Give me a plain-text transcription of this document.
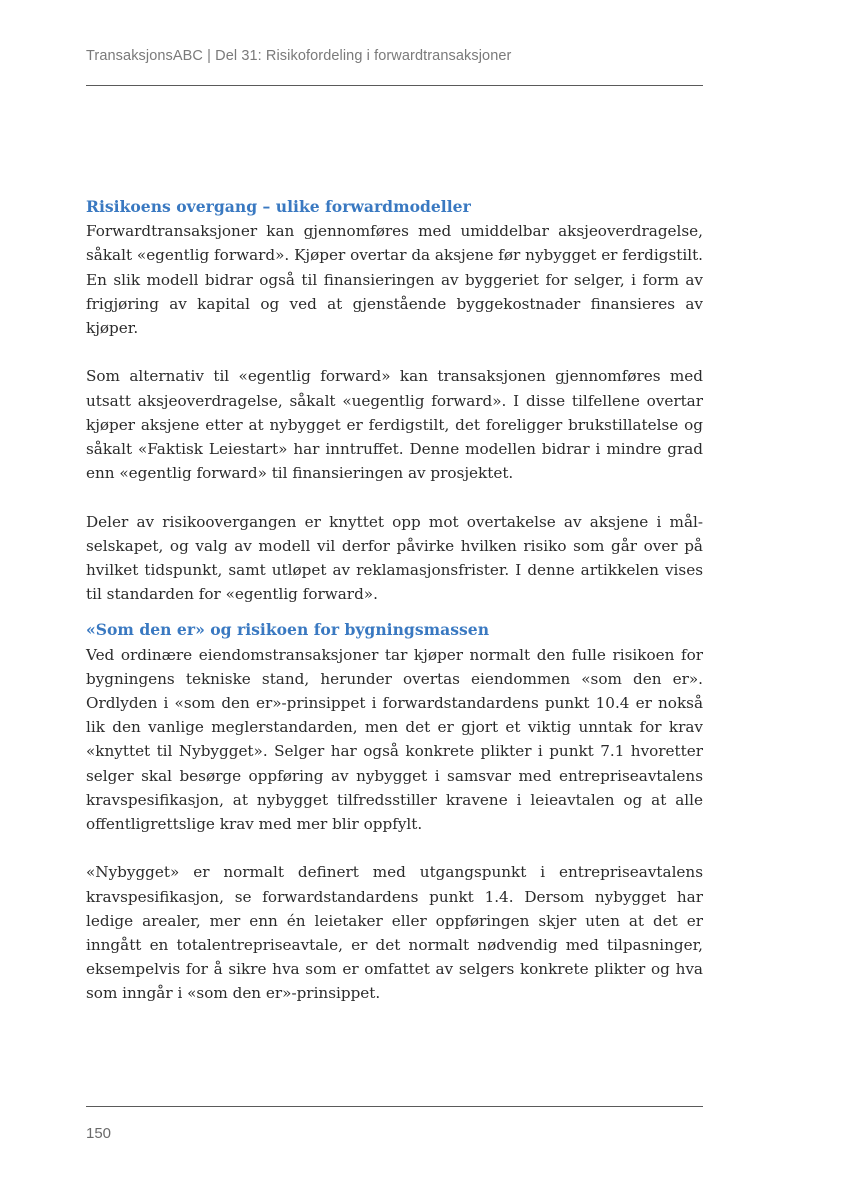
TransaksjonsABC | Del 31: Risikofordeling i forwardtransaksjoner
Risikoens overgang – ulike forwardmodeller

Forwardtransaksjoner kan gjennomføres med umiddelbar aksjeoverdragelse, såkalt «egentlig forward». Kjøper overtar da aksjene før nybygget er ferdigstilt. En slik modell bidrar også til finansieringen av byggeriet for selger, i form av frigjøring av kapital og ved at gjenstående byggekostnader finansieres av kjøper.

Som alternativ til «egentlig forward» kan transaksjonen gjennomføres med utsatt aksjeoverdragelse, såkalt «uegentlig forward». I disse tilfellene overtar kjøper aksjene etter at nybygget er ferdigstilt, det foreligger brukstillatelse og såkalt «Faktisk Leiestart» har inntruffet. Denne modellen bidrar i mindre grad enn «egentlig forward» til finansieringen av prosjektet.

Deler av risikoovergangen er knyttet opp mot overtakelse av aksjene i målselskapet, og valg av modell vil derfor påvirke hvilken risiko som går over på hvilket tidspunkt, samt utløpet av reklamasjonsfrister. I denne artikkelen vises til standarden for «egentlig forward».

«Som den er» og risikoen for bygningsmassen

Ved ordinære eiendomstransaksjoner tar kjøper normalt den fulle risikoen for bygningens tekniske stand, herunder overtas eiendommen «som den er». Ordlyden i «som den er»-prinsippet i forwardstandardens punkt 10.4 er nokså lik den vanlige meglerstandarden, men det er gjort et viktig unntak for krav «knyttet til Nybygget». Selger har også konkrete plikter i punkt 7.1 hvoretter selger skal besørge oppføring av nybygget i samsvar med entrepriseavtalens kravspesifikasjon, at nybygget tilfredsstiller kravene i leieavtalen og at alle offentligrettslige krav med mer blir oppfylt.

«Nybygget» er normalt definert med utgangspunkt i entrepriseavtalens kravspesifikasjon, se forwardstandardens punkt 1.4. Dersom nybygget har ledige arealer, mer enn én leietaker eller oppføringen skjer uten at det er inngått en totalentrepriseavtale, er det normalt nødvendig med tilpasninger, eksempelvis for å sikre hva som er omfattet av selgers konkrete plikter og hva som inngår i «som den er»-prinsippet.

150
